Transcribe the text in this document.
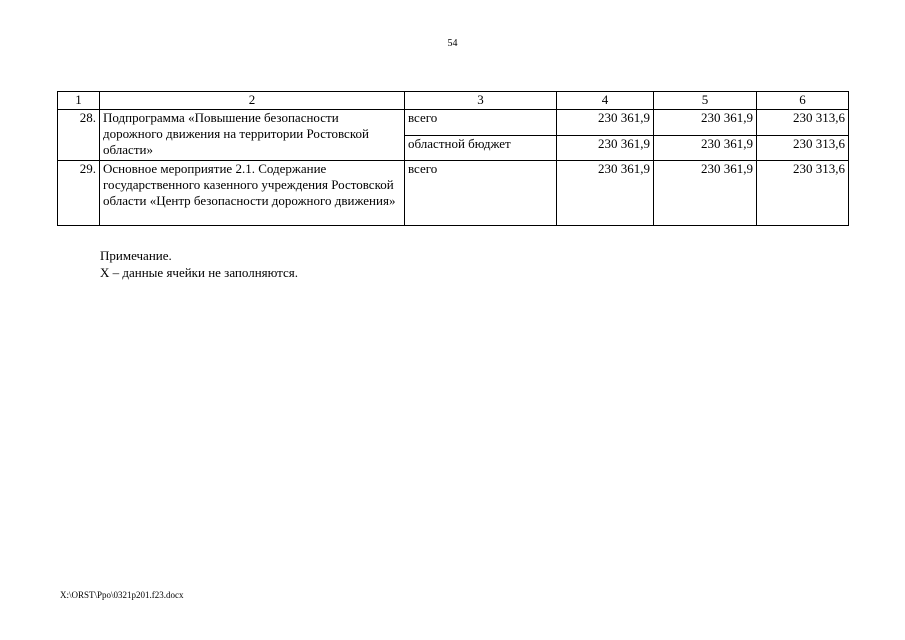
54
1	2	3	4	5	6
28.	Подпрограмма «Повышение безопасности дорожного движения на территории Ростовской области»	всего	230 361,9	230 361,9	230 313,6
		областной бюджет	230 361,9	230 361,9	230 313,6
29.	Основное мероприятие 2.1. Содержание государственного казенного учреждения Ростовской области «Центр безопасности дорожного движения»	всего	230 361,9	230 361,9	230 313,6
Примечание.
Х – данные ячейки не заполняются.
X:\ORST\Ppo\0321p201.f23.docx
